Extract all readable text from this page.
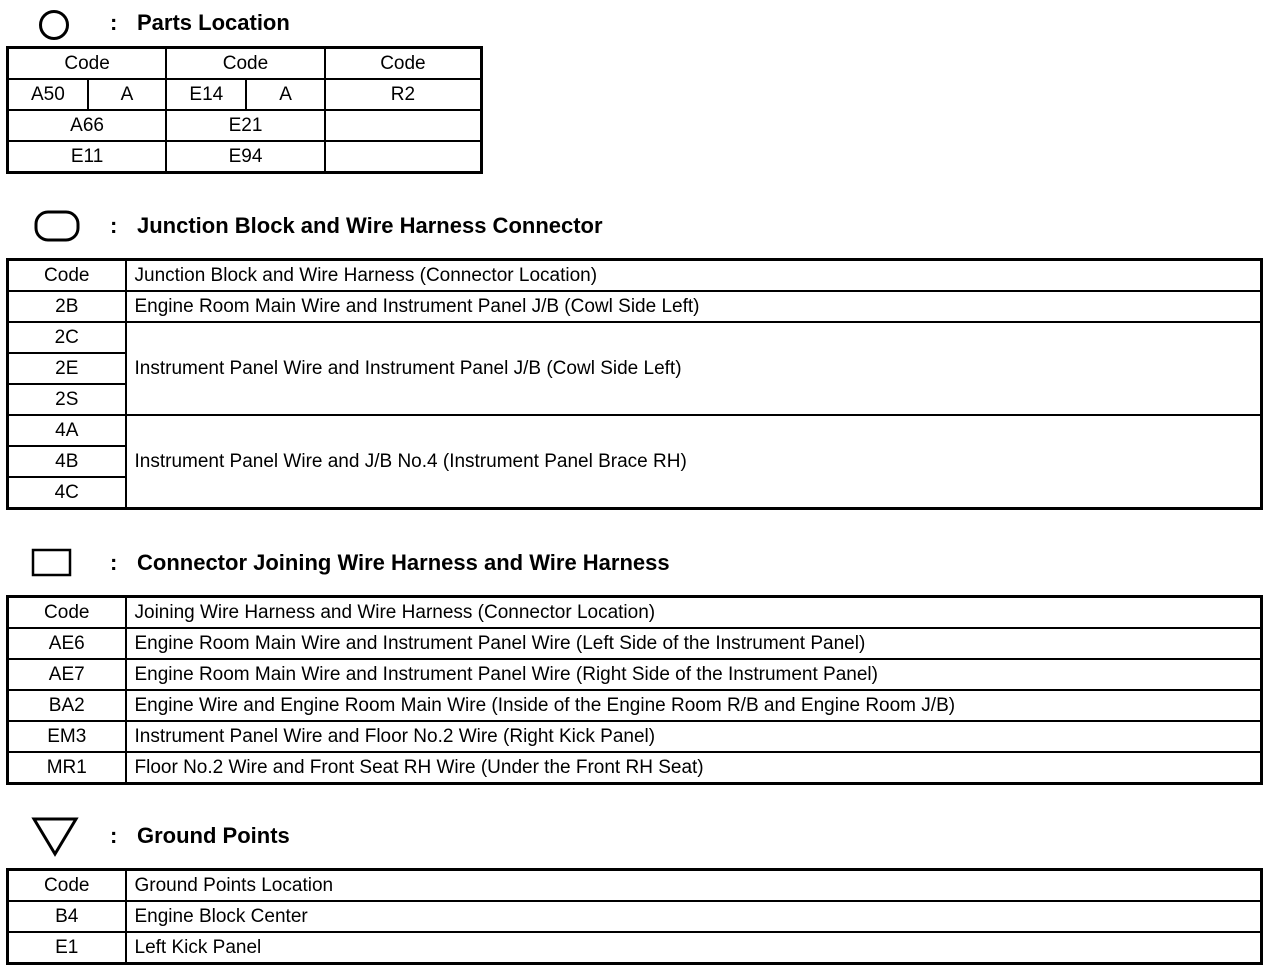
: Parts Location
Code		Code		Code
A50	A	E14	A	R2
A66		E21		
E11		E94		
: Junction Block and Wire Harness Connector
Code	Junction Block and Wire Harness (Connector Location)
2B	Engine Room Main Wire and Instrument Panel J/B (Cowl Side Left)
2C	Instrument Panel Wire and Instrument Panel J/B (Cowl Side Left)
2E	
2S	
4A	Instrument Panel Wire and J/B No.4 (Instrument Panel Brace RH)
4B	
4C	
: Connector Joining Wire Harness and Wire Harness
Code	Joining Wire Harness and Wire Harness (Connector Location)
AE6	Engine Room Main Wire and Instrument Panel Wire (Left Side of the Instrument Panel)
AE7	Engine Room Main Wire and Instrument Panel Wire (Right Side of the Instrument Panel)
BA2	Engine Wire and Engine Room Main Wire (Inside of the Engine Room R/B and Engine Room J/B)
EM3	Instrument Panel Wire and Floor No.2 Wire (Right Kick Panel)
MR1	Floor No.2 Wire and Front Seat RH Wire (Under the Front RH Seat)
: Ground Points
Code	Ground Points Location
B4	Engine Block Center
E1	Left Kick Panel
